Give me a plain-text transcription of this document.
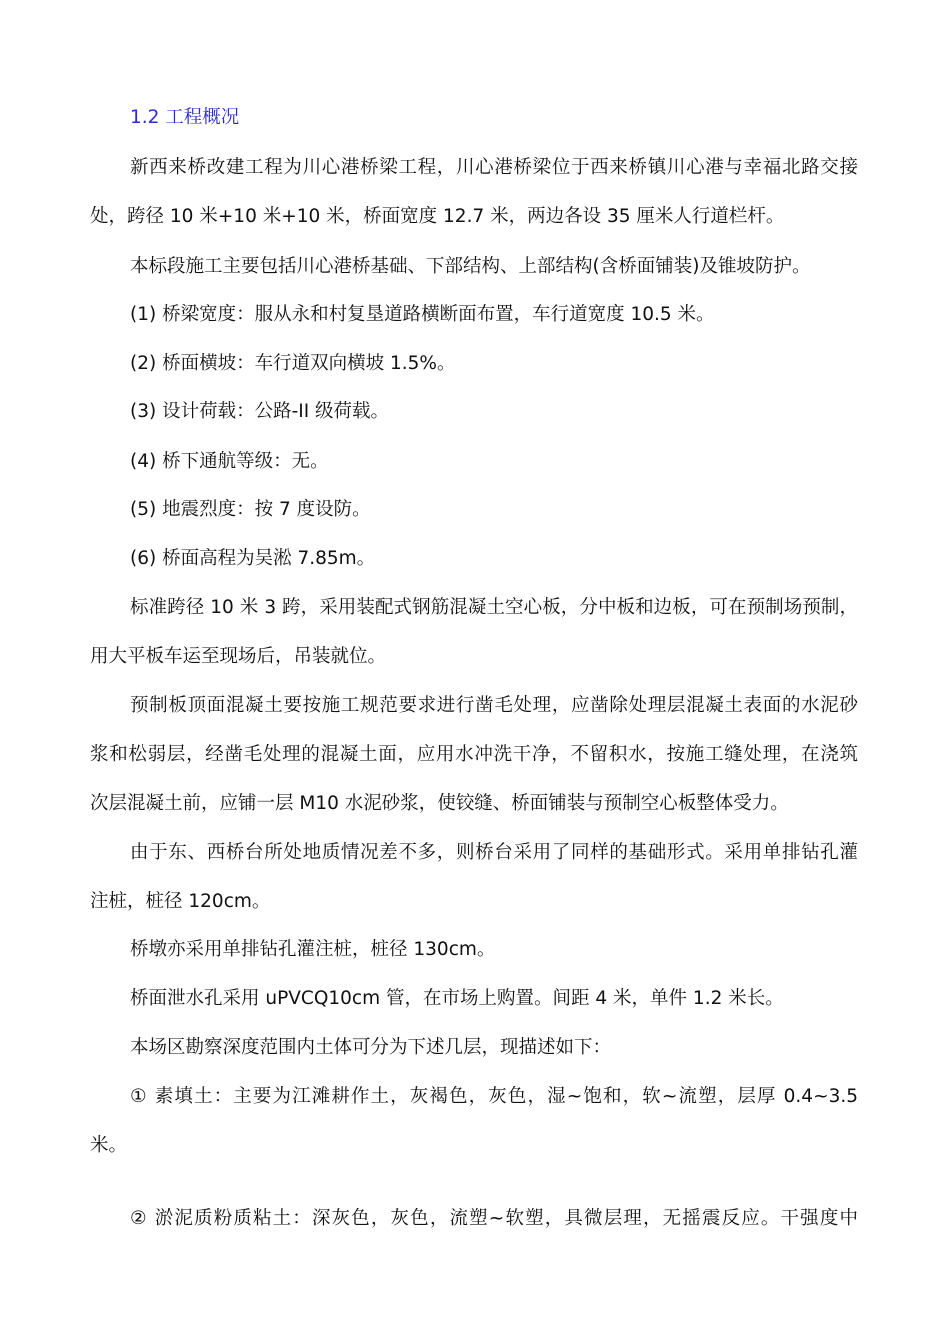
1.2 工程概况
新西来桥改建工程为川心港桥梁工程，川心港桥梁位于西来桥镇川心港与幸福北路交接
处，跨径 10 米+10 米+10 米，桥面宽度 12.7 米，两边各设 35 厘米人行道栏杆。
本标段施工主要包括川心港桥基础、下部结构、上部结构(含桥面铺装)及锥坡防护。
(1) 桥梁宽度：服从永和村复垦道路横断面布置，车行道宽度 10.5 米。
(2) 桥面横坡：车行道双向横坡 1.5%。
(3) 设计荷载：公路-II 级荷载。
(4) 桥下通航等级：无。
(5) 地震烈度：按 7 度设防。
(6) 桥面高程为吴淞 7.85m。
标准跨径 10 米 3 跨，采用装配式钢筋混凝土空心板，分中板和边板，可在预制场预制，
用大平板车运至现场后，吊装就位。
预制板顶面混凝土要按施工规范要求进行凿毛处理，应凿除处理层混凝土表面的水泥砂
浆和松弱层，经凿毛处理的混凝土面，应用水冲洗干净，不留积水，按施工缝处理，在浇筑
次层混凝土前，应铺一层 M10 水泥砂浆，使铰缝、桥面铺装与预制空心板整体受力。
由于东、西桥台所处地质情况差不多，则桥台采用了同样的基础形式。采用单排钻孔灌
注桩，桩径 120cm。
桥墩亦采用单排钻孔灌注桩，桩径 130cm。
桥面泄水孔采用 uPVCQ10cm 管，在市场上购置。间距 4 米，单件 1.2 米长。
本场区勘察深度范围内土体可分为下述几层，现描述如下：
① 素填土：主要为江滩耕作土，灰褐色，灰色，湿~饱和，软~流塑，层厚 0.4~3.5
米。
② 淤泥质粉质粘土：深灰色，灰色，流塑~软塑，具微层理，无摇震反应。干强度中
